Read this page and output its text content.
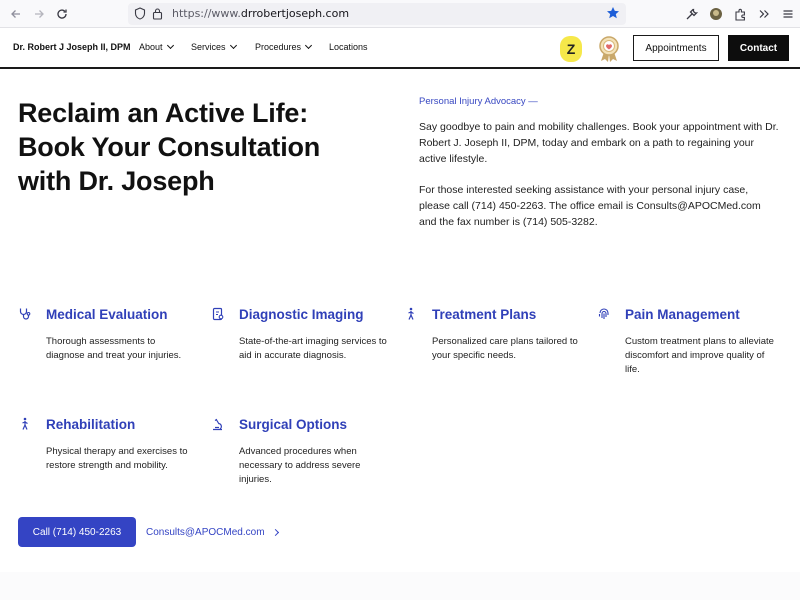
https://www.drrobertjoseph.com
Dr. Robert J Joseph II, DPM About	Services	Procedures	Locations	Z	Appointments	Contact
Reclaim an Active Life: Book Your Consultation with Dr. Joseph
Personal Injury Advocacy —

Say goodbye to pain and mobility challenges. Book your appointment with Dr. Robert J. Joseph II, DPM, today and embark on a path to regaining your active lifestyle.

For those interested seeking assistance with your personal injury case, please call (714) 450-2263. The office email is Consults@APOCMed.com and the fax number is (714) 505-3282.

Medical Evaluation

Thorough assessments to diagnose and treat your injuries.

Diagnostic Imaging

State-of-the-art imaging services to aid in accurate diagnosis.

Treatment Plans

Personalized care plans tailored to your specific needs.

Pain Management

Custom treatment plans to alleviate discomfort and improve quality of life.

Rehabilitation

Physical therapy and exercises to restore strength and mobility.

Surgical Options

Advanced procedures when necessary to address severe injuries.

Call (714) 450-2263	Consults@APOCMed.com
